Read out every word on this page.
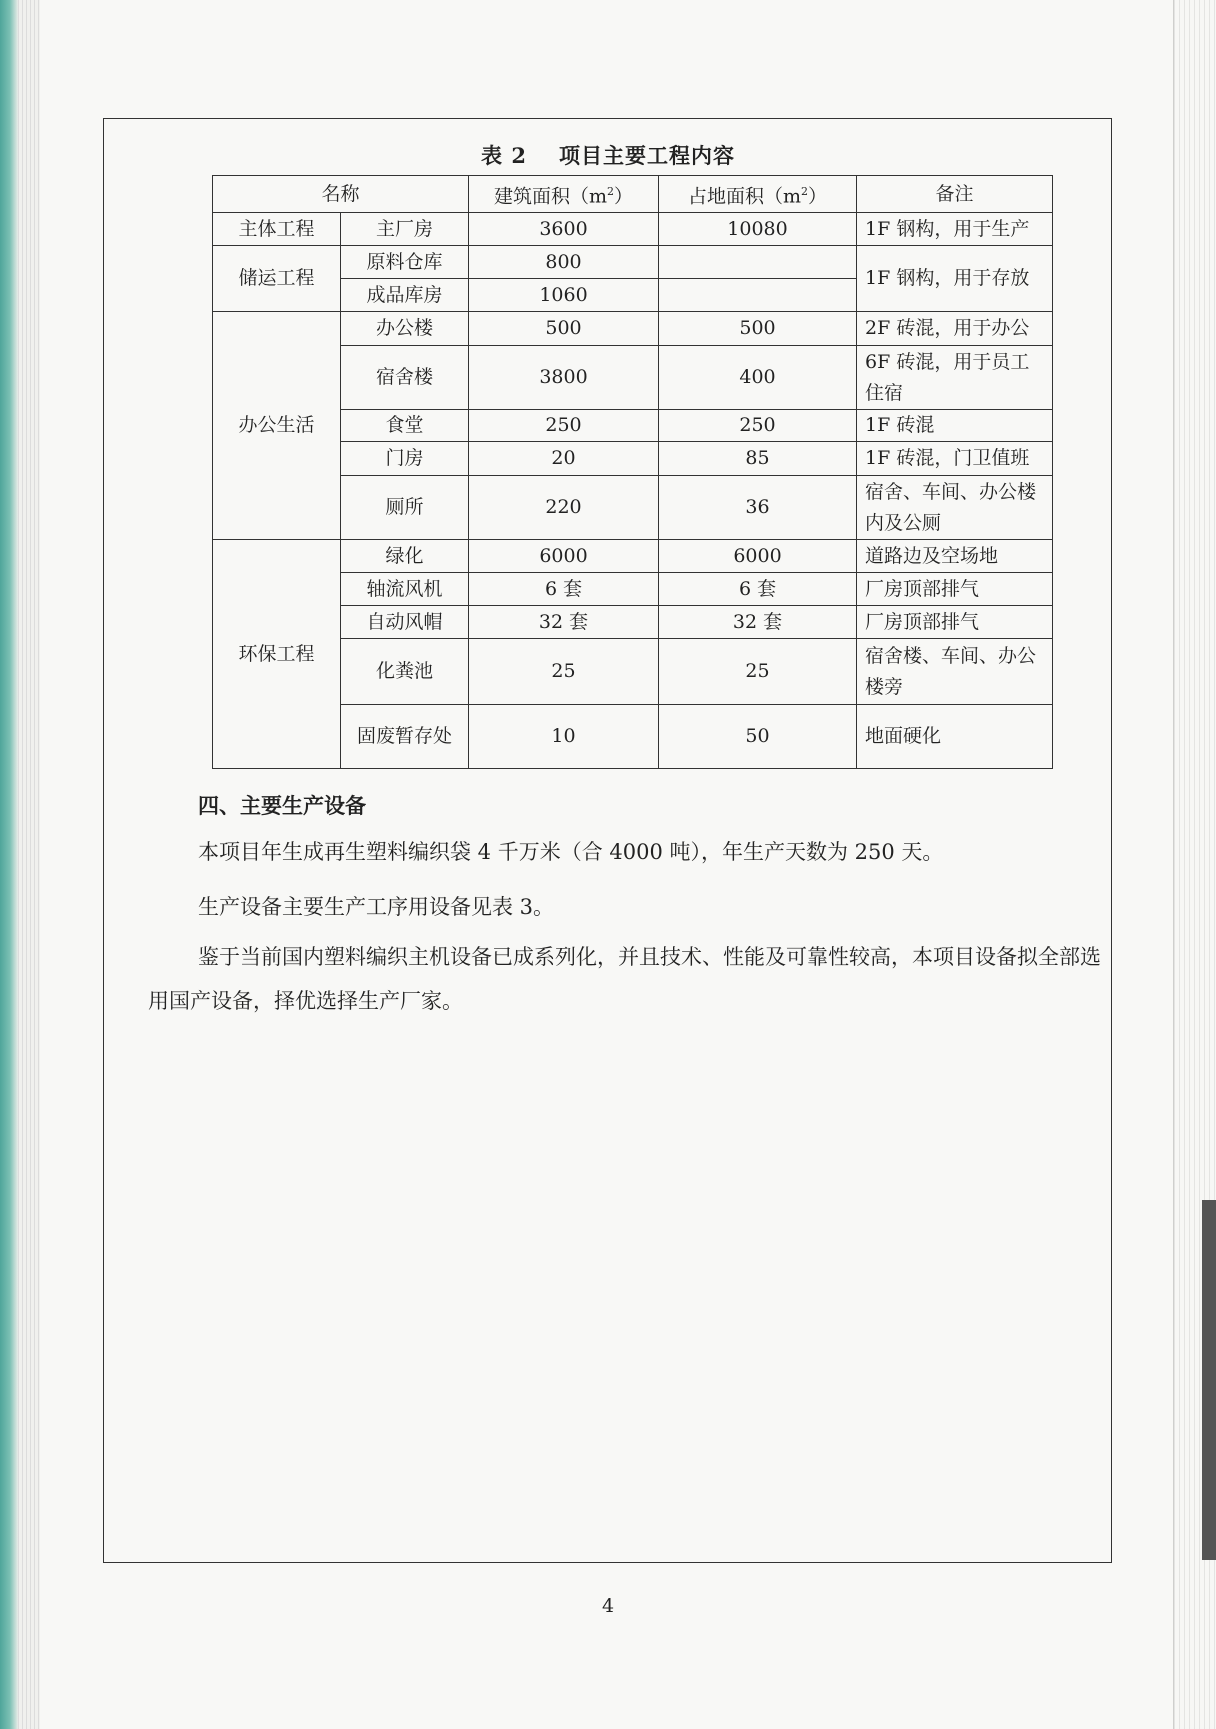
表 2 项目主要工程内容
名称		建筑面积$(m^2)$	占地面积$(m^2)$	备注
主体工程	主厂房	3600	10080	1F 钢构，用于生产
储运工程	原料仓库	800		1F 钢构，用于存放
	成品库房	1060		
办公生活	办公楼	500	500	2F 砖混，用于办公
	宿舍楼	3800	400	6F 砖混，用于员工住宿
	食堂	250	250	1F 砖混
	门房	20	85	1F 砖混，门卫值班
	厕所	220	36	宿舍、车间、办公楼内及公厕
环保工程	绿化	6000	6000	道路边及空场地
	轴流风机	6 套	6 套	厂房顶部排气
	自动风帽	32 套	32 套	厂房顶部排气
	化粪池	25	25	宿舍楼、车间、办公楼旁
	固废暂存处	10	50	地面硬化
四、主要生产设备
本项目年生成再生塑料编织袋 4 千万米（合 4000 吨），年生产天数为 250 天。
生产设备主要生产工序用设备见表 3。
鉴于当前国内塑料编织主机设备已成系列化，并且技术、性能及可靠性较高，本项目设备拟全部选用国产设备，择优选择生产厂家。
4
